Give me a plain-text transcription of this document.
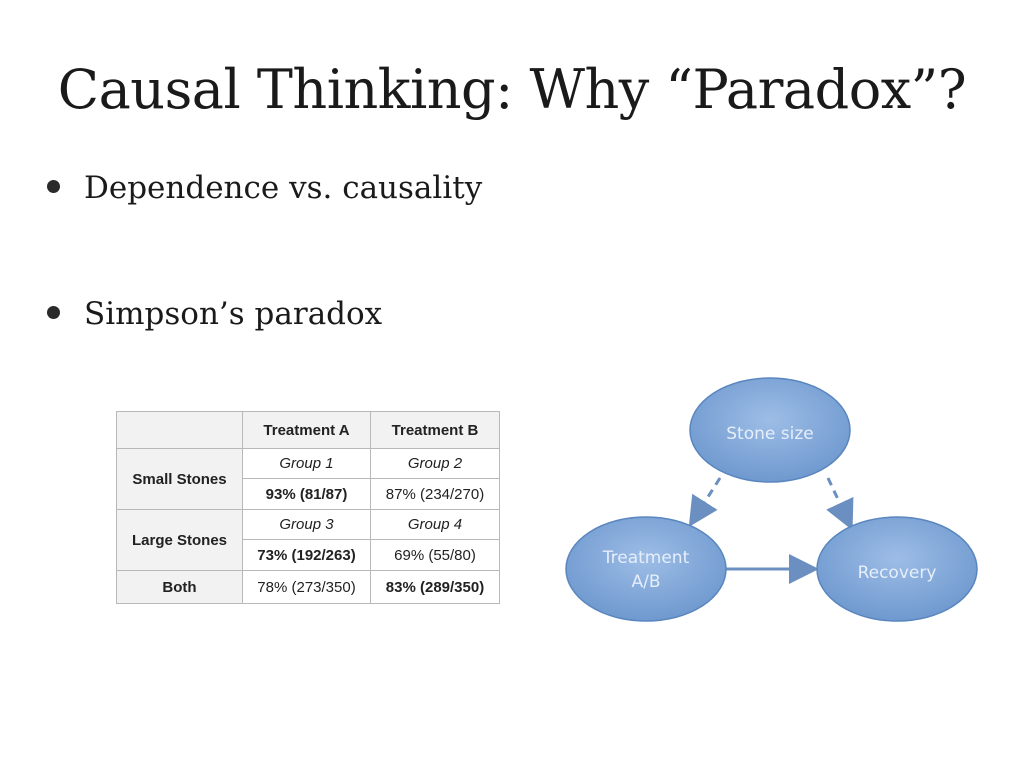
Causal Thinking: Why “Paradox”?
Dependence vs. causality
Simpson’s paradox
	Treatment A	Treatment B
Small Stones	Group 1	Group 2
	93% (81/87)	87% (234/270)
Large Stones	Group 3	Group 4
	73% (192/263)	69% (55/80)
Both	78% (273/350)	83% (289/350)
Stone size
Treatment
A/B	Recovery
